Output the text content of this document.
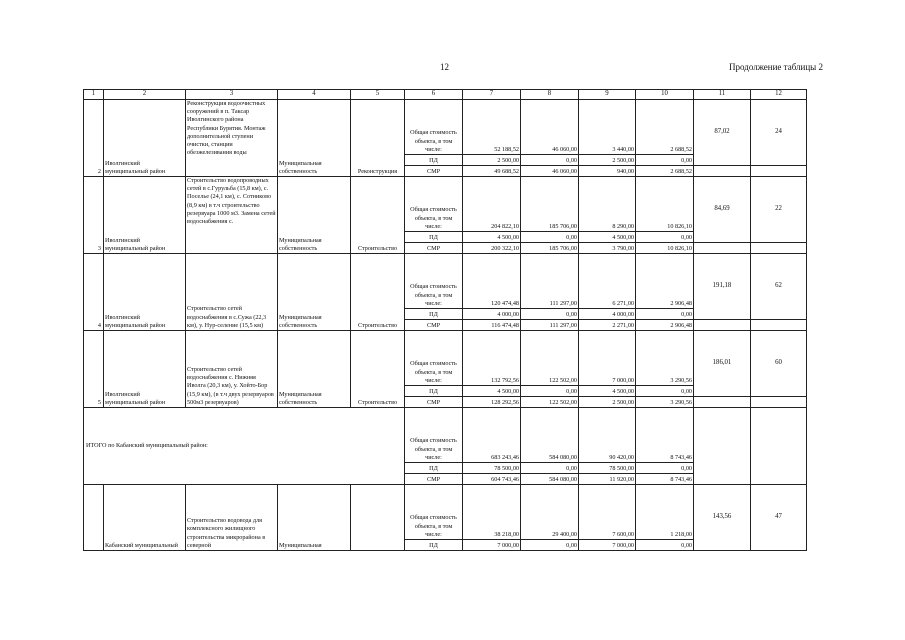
12	Продолжение таблицы 2
1	2	3	4	5	6	7	8	9	10	11	12
2	Иволгинский муниципальный район	Реконструкция водоочистных сооружений в п. Таксар Иволгинского района Республики Бурятия. Монтаж дополнительной ступени очистки, станции обезжелезивания воды	Муниципальная собственность	Реконструкция	Общая стоимость объекта, в том числе:	52 188,52	46 060,00	3 440,00	2 688,52	87,02	24
					ПД	2 500,00	0,00	2 500,00	0,00		
					СМР	49 688,52	46 060,00	940,00	2 688,52		
3	Иволгинский муниципальный район	Строительство водопроводных сетей в с.Гурульба (15,8 км), с. Поселье (24,1 км), с. Сотниково (8,9 км) в т.ч строительство резервуара 1000 м3. Замена сетей водоснабжения с.	Муниципальная собственность	Строительство	Общая стоимость объекта, в том числе:	204 822,10	185 706,00	8 290,00	10 826,10	84,69	22
					ПД	4 500,00	0,00	4 500,00	0,00		
					СМР	200 322,10	185 706,00	3 790,00	10 826,10		
4	Иволгинский муниципальный район	Строительство сетей водоснабжения в с.Сужа (22,3 км), у. Нур-селение (15,5 км)	Муниципальная собственность	Строительство	Общая стоимость объекта, в том числе:	120 474,48	111 297,00	6 271,00	2 906,48	191,18	62
					ПД	4 000,00	0,00	4 000,00	0,00		
					СМР	116 474,48	111 297,00	2 271,00	2 906,48		
5	Иволгинский муниципальный район	Строительство сетей водоснабжения с. Нижняя Иволга (20,3 км), у. Хойто-Бор (15,9 км), (в т.ч двух резервуаров 500м3 резервуаров)	Муниципальная собственность	Строительство	Общая стоимость объекта, в том числе:	132 792,56	122 502,00	7 000,00	3 290,56	186,01	60
					ПД	4 500,00	0,00	4 500,00	0,00		
					СМР	128 292,56	122 502,00	2 500,00	3 290,56		
ИТОГО по Кабанский муниципальный район:					Общая стоимость объекта, в том числе:	683 243,46	584 080,00	90 420,00	8 743,46		
					ПД	78 500,00	0,00	78 500,00	0,00		
					СМР	604 743,46	584 080,00	11 920,00	8 743,46		
	Кабанский муниципальный	Строительство водовода для комплексного жилищного строительства микрорайона в северной	Муниципальная		Общая стоимость объекта, в том числе:	38 218,00	29 400,00	7 600,00	1 218,00	143,56	47
					ПД	7 000,00	0,00	7 000,00	0,00		
